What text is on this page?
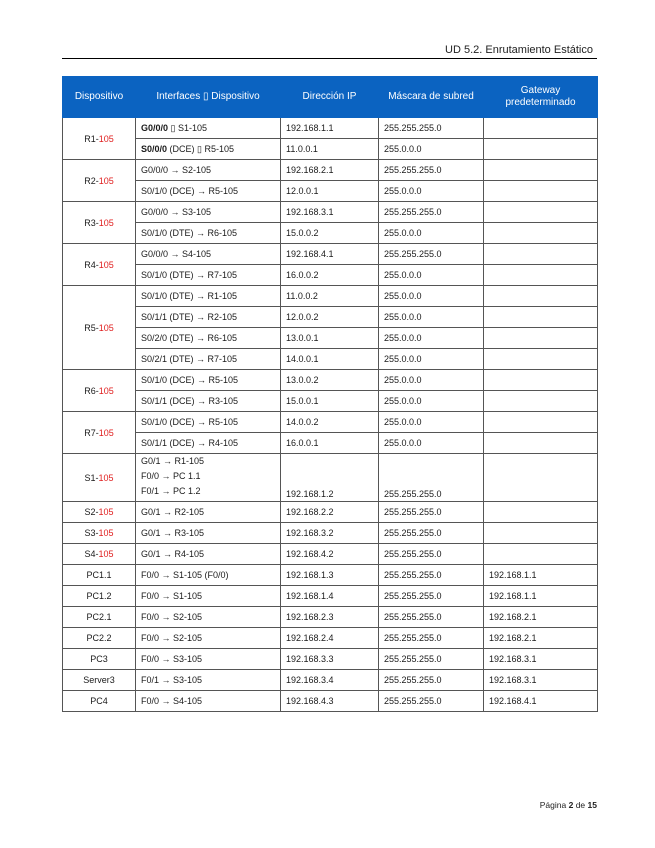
UD 5.2. Enrutamiento Estático
Dispositivo	Interfaces ▯ Dispositivo	Dirección IP	Máscara de subred	Gateway predeterminado
R1-105	G0/0/0 ▯ S1-105	192.168.1.1	255.255.255.0	
	S0/0/0 (DCE) ▯ R5-105	11.0.0.1	255.0.0.0	
R2-105	G0/0/0 → S2-105	192.168.2.1	255.255.255.0	
	S0/1/0 (DCE) → R5-105	12.0.0.1	255.0.0.0	
R3-105	G0/0/0 → S3-105	192.168.3.1	255.255.255.0	
	S0/1/0 (DTE) → R6-105	15.0.0.2	255.0.0.0	
R4-105	G0/0/0 → S4-105	192.168.4.1	255.255.255.0	
	S0/1/0 (DTE) → R7-105	16.0.0.2	255.0.0.0	
R5-105	S0/1/0 (DTE) → R1-105	11.0.0.2	255.0.0.0	
	S0/1/1 (DTE) → R2-105	12.0.0.2	255.0.0.0	
	S0/2/0 (DTE) → R6-105	13.0.0.1	255.0.0.0	
	S0/2/1 (DTE) → R7-105	14.0.0.1	255.0.0.0	
R6-105	S0/1/0 (DCE) → R5-105	13.0.0.2	255.0.0.0	
	S0/1/1 (DCE) → R3-105	15.0.0.1	255.0.0.0	
R7-105	S0/1/0 (DCE) → R5-105	14.0.0.2	255.0.0.0	
	S0/1/1 (DCE) → R4-105	16.0.0.1	255.0.0.0	
S1-105	G0/1 → R1-105
F0/0 → PC 1.1
F0/1 → PC 1.2	192.168.1.2	255.255.255.0	
S2-105	G0/1 → R2-105	192.168.2.2	255.255.255.0	
S3-105	G0/1 → R3-105	192.168.3.2	255.255.255.0	
S4-105	G0/1 → R4-105	192.168.4.2	255.255.255.0	
PC1.1	F0/0 → S1-105 (F0/0)	192.168.1.3	255.255.255.0	192.168.1.1
PC1.2	F0/0 → S1-105	192.168.1.4	255.255.255.0	192.168.1.1
PC2.1	F0/0 → S2-105	192.168.2.3	255.255.255.0	192.168.2.1
PC2.2	F0/0 → S2-105	192.168.2.4	255.255.255.0	192.168.2.1
PC3	F0/0 → S3-105	192.168.3.3	255.255.255.0	192.168.3.1
Server3	F0/1 → S3-105	192.168.3.4	255.255.255.0	192.168.3.1
PC4	F0/0 → S4-105	192.168.4.3	255.255.255.0	192.168.4.1
Página 2 de 15
